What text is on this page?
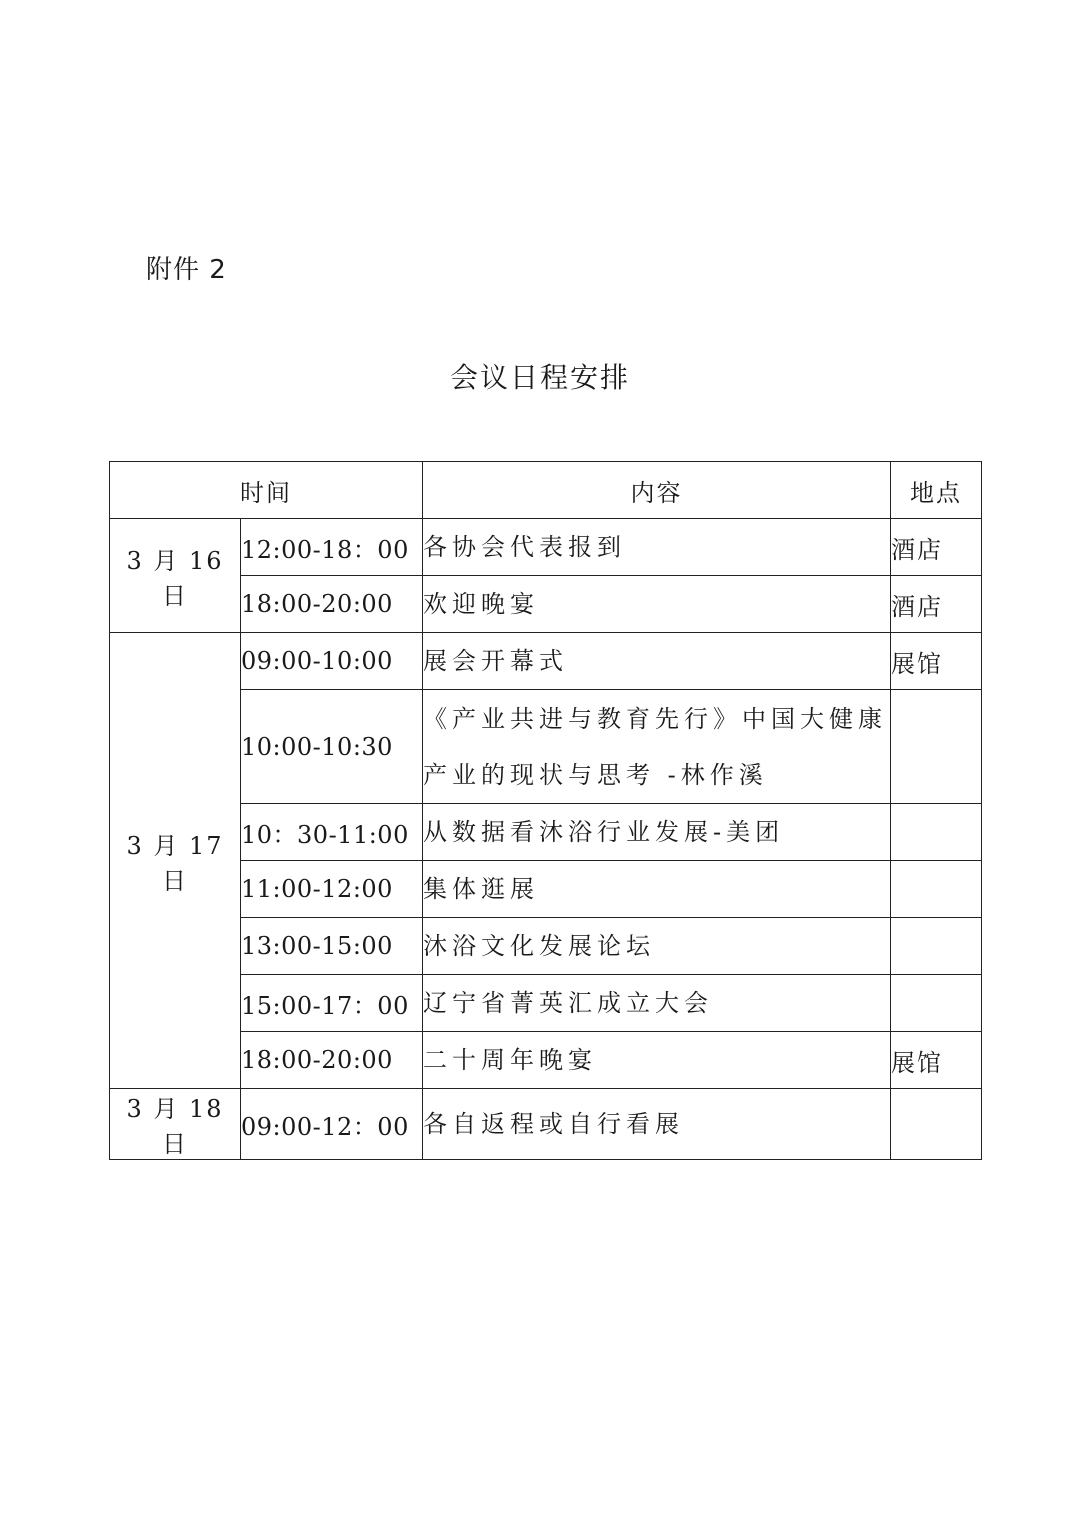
附件 2
会议日程安排
时间		内容	地点
3 月 16 日	12:00-18：00	各协会代表报到	酒店
	18:00-20:00	欢迎晚宴	酒店
3 月 17 日	09:00-10:00	展会开幕式	展馆
	10:00-10:30	《产业共进与教育先行》中国大健康产业的现状与思考 -林作溪	
	10：30-11:00	从数据看沐浴行业发展-美团	
	11:00-12:00	集体逛展	
	13:00-15:00	沐浴文化发展论坛	
	15:00-17：00	辽宁省菁英汇成立大会	
	18:00-20:00	二十周年晚宴	展馆
3 月 18 日	09:00-12：00	各自返程或自行看展	
